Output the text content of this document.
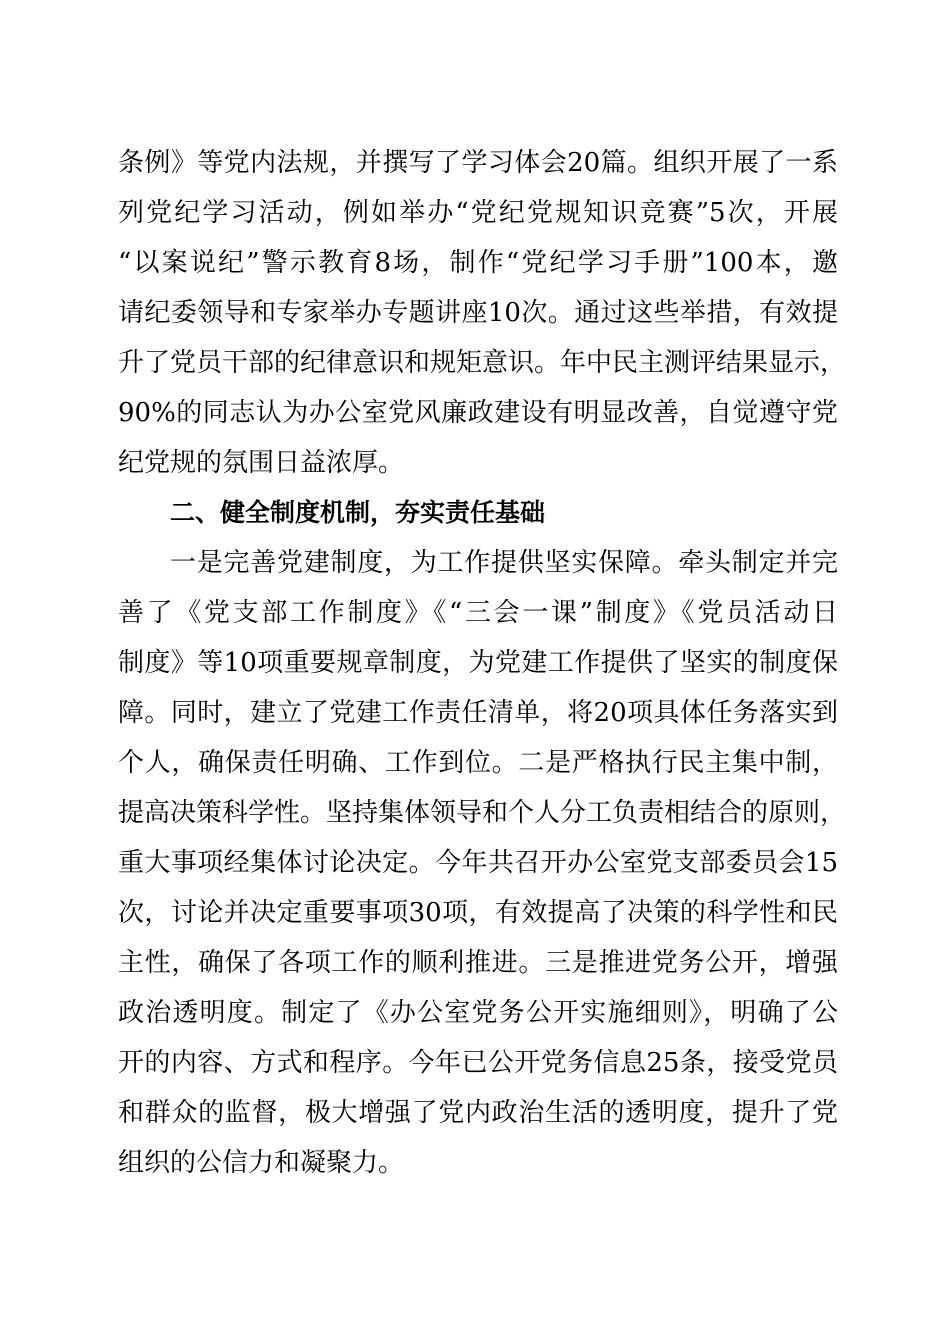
条例》等党内法规，并撰写了学习体会20篇。组织开展了一系
列党纪学习活动，例如举办“党纪党规知识竞赛”5次，开展
“以案说纪”警示教育8场，制作“党纪学习手册”100本，邀
请纪委领导和专家举办专题讲座10次。通过这些举措，有效提
升了党员干部的纪律意识和规矩意识。年中民主测评结果显示，
90%的同志认为办公室党风廉政建设有明显改善，自觉遵守党
纪党规的氛围日益浓厚。
二、健全制度机制，夯实责任基础
一是完善党建制度，为工作提供坚实保障。牵头制定并完
善了《党支部工作制度》《“三会一课”制度》《党员活动日
制度》等10项重要规章制度，为党建工作提供了坚实的制度保
障。同时，建立了党建工作责任清单，将20项具体任务落实到
个人，确保责任明确、工作到位。二是严格执行民主集中制，
提高决策科学性。坚持集体领导和个人分工负责相结合的原则，
重大事项经集体讨论决定。今年共召开办公室党支部委员会15
次，讨论并决定重要事项30项，有效提高了决策的科学性和民
主性，确保了各项工作的顺利推进。三是推进党务公开，增强
政治透明度。制定了《办公室党务公开实施细则》，明确了公
开的内容、方式和程序。今年已公开党务信息25条，接受党员
和群众的监督，极大增强了党内政治生活的透明度，提升了党
组织的公信力和凝聚力。
